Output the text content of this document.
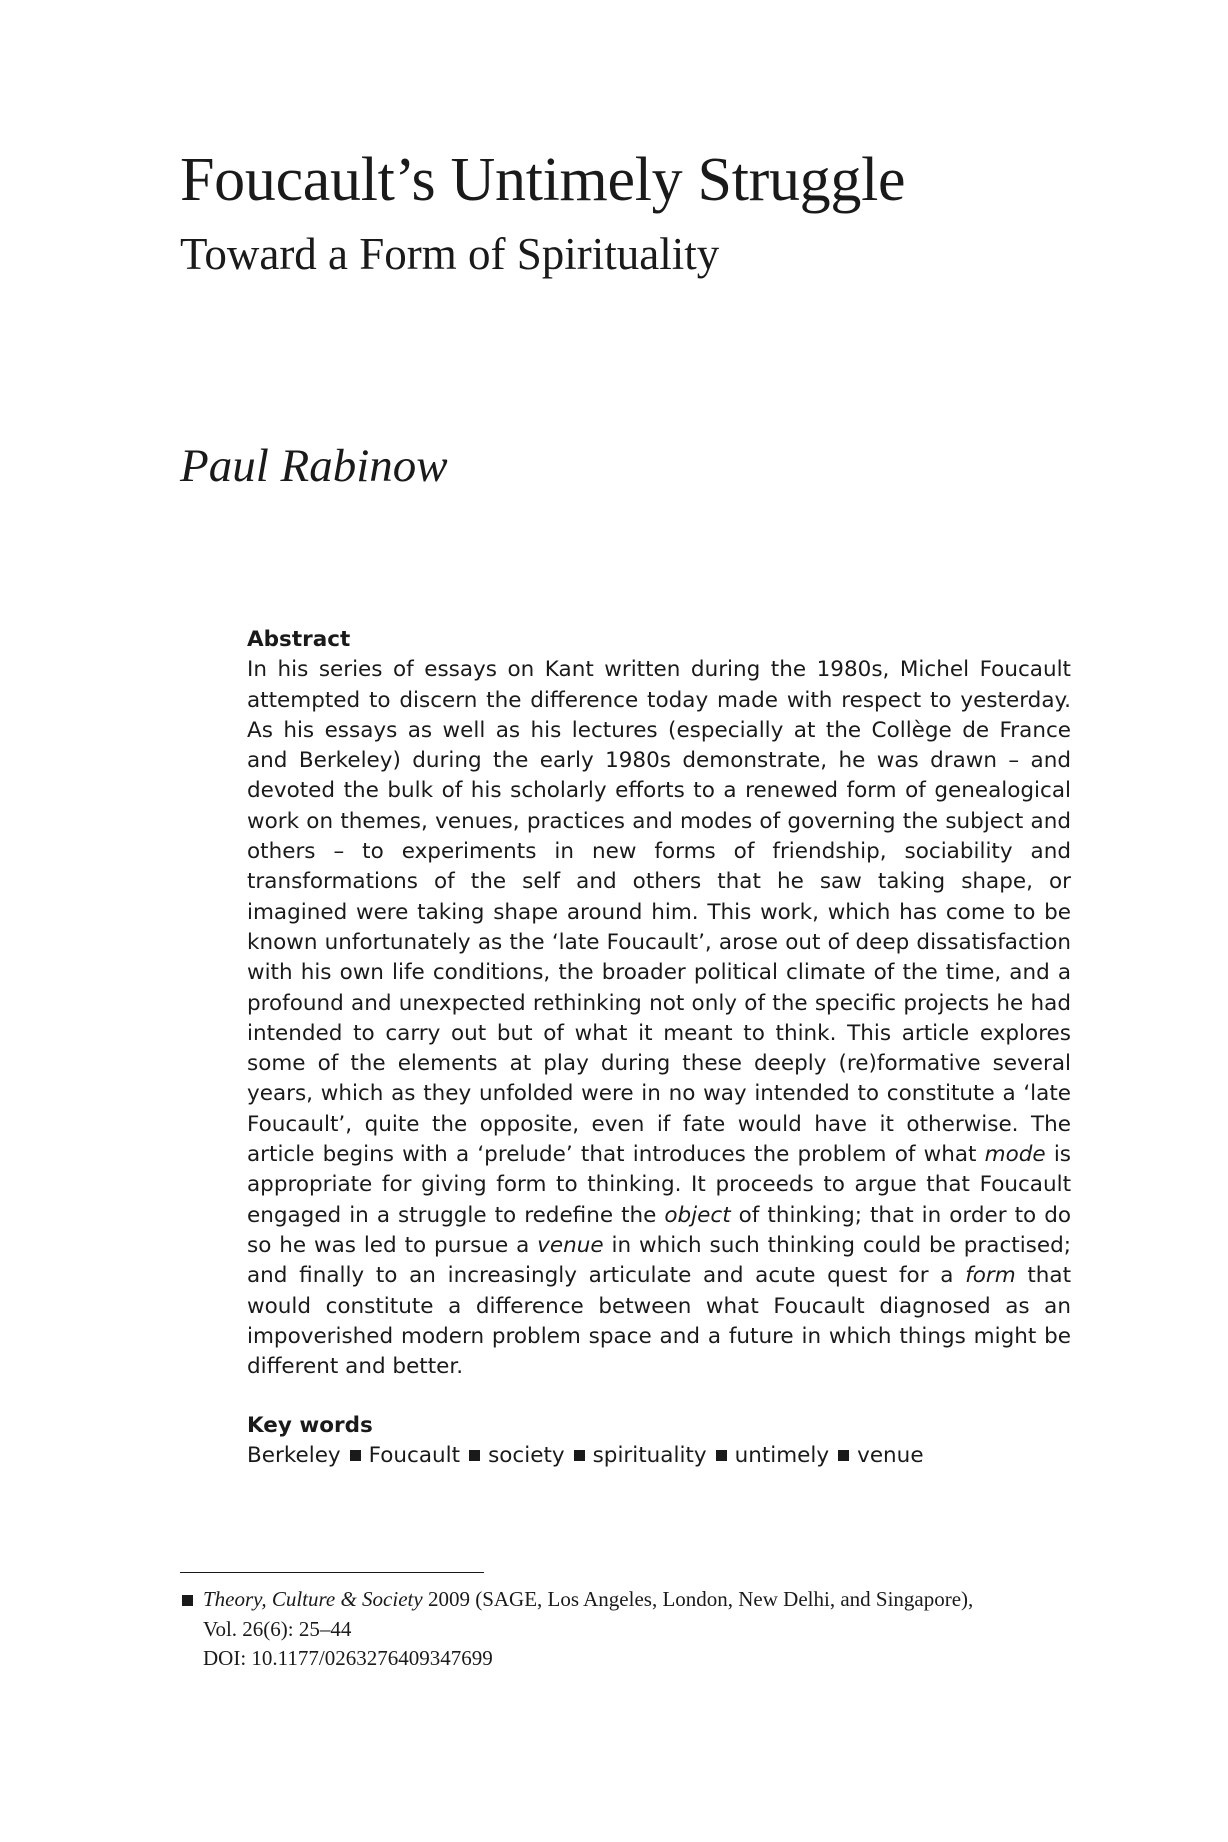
Foucault’s Untimely Struggle
Toward a Form of Spirituality
Paul Rabinow
Abstract

In his series of essays on Kant written during the 1980s, Michel Foucault attempted to discern the difference today made with respect to yesterday. As his essays as well as his lectures (especially at the Collège de France and Berkeley) during the early 1980s demonstrate, he was drawn – and devoted the bulk of his scholarly efforts to a renewed form of genealogical work on themes, venues, practices and modes of governing the subject and others – to experiments in new forms of friendship, sociability and transformations of the self and others that he saw taking shape, or imagined were taking shape around him. This work, which has come to be known unfortunately as the ‘late Foucault’, arose out of deep dissatisfaction with his own life conditions, the broader political climate of the time, and a profound and unexpected rethinking not only of the specific projects he had intended to carry out but of what it meant to think. This article explores some of the elements at play during these deeply (re)formative several years, which as they unfolded were in no way intended to constitute a ‘late Foucault’, quite the opposite, even if fate would have it otherwise. The article begins with a ‘prelude’ that introduces the problem of what mode is appropriate for giving form to thinking. It proceeds to argue that Foucault engaged in a struggle to redefine the object of thinking; that in order to do so he was led to pursue a venue in which such thinking could be practised; and finally to an increasingly articulate and acute quest for a form that would constitute a difference between what Foucault diagnosed as an impoverished modern problem space and a future in which things might be different and better.

Key words

Berkeley Foucault society spirituality untimely venue

Theory, Culture & Society 2009 (SAGE, Los Angeles, London, New Delhi, and Singapore),
Vol. 26(6): 25–44
DOI: 10.1177/0263276409347699
